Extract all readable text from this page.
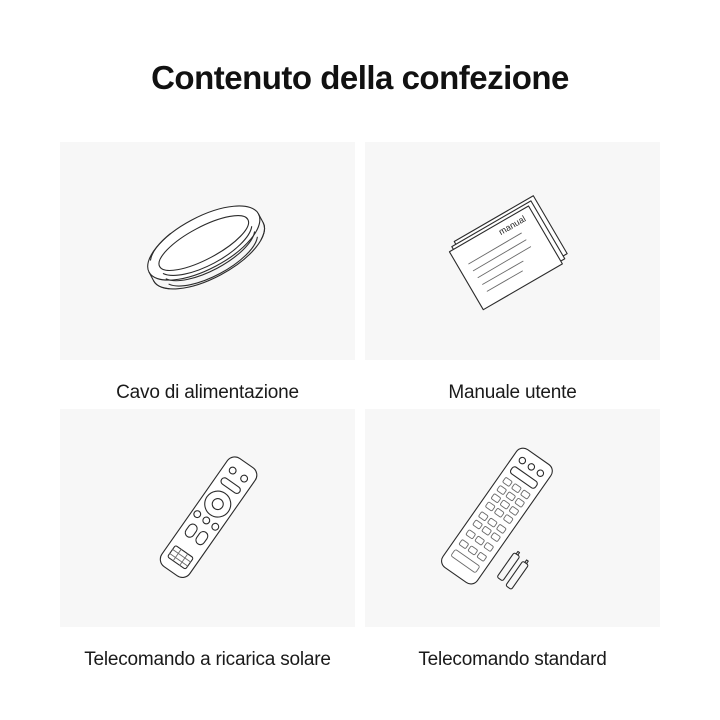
Contenuto della confezione
Cavo di alimentazione
manual
Manuale utente
Telecomando a ricarica solare	Telecomando standard
